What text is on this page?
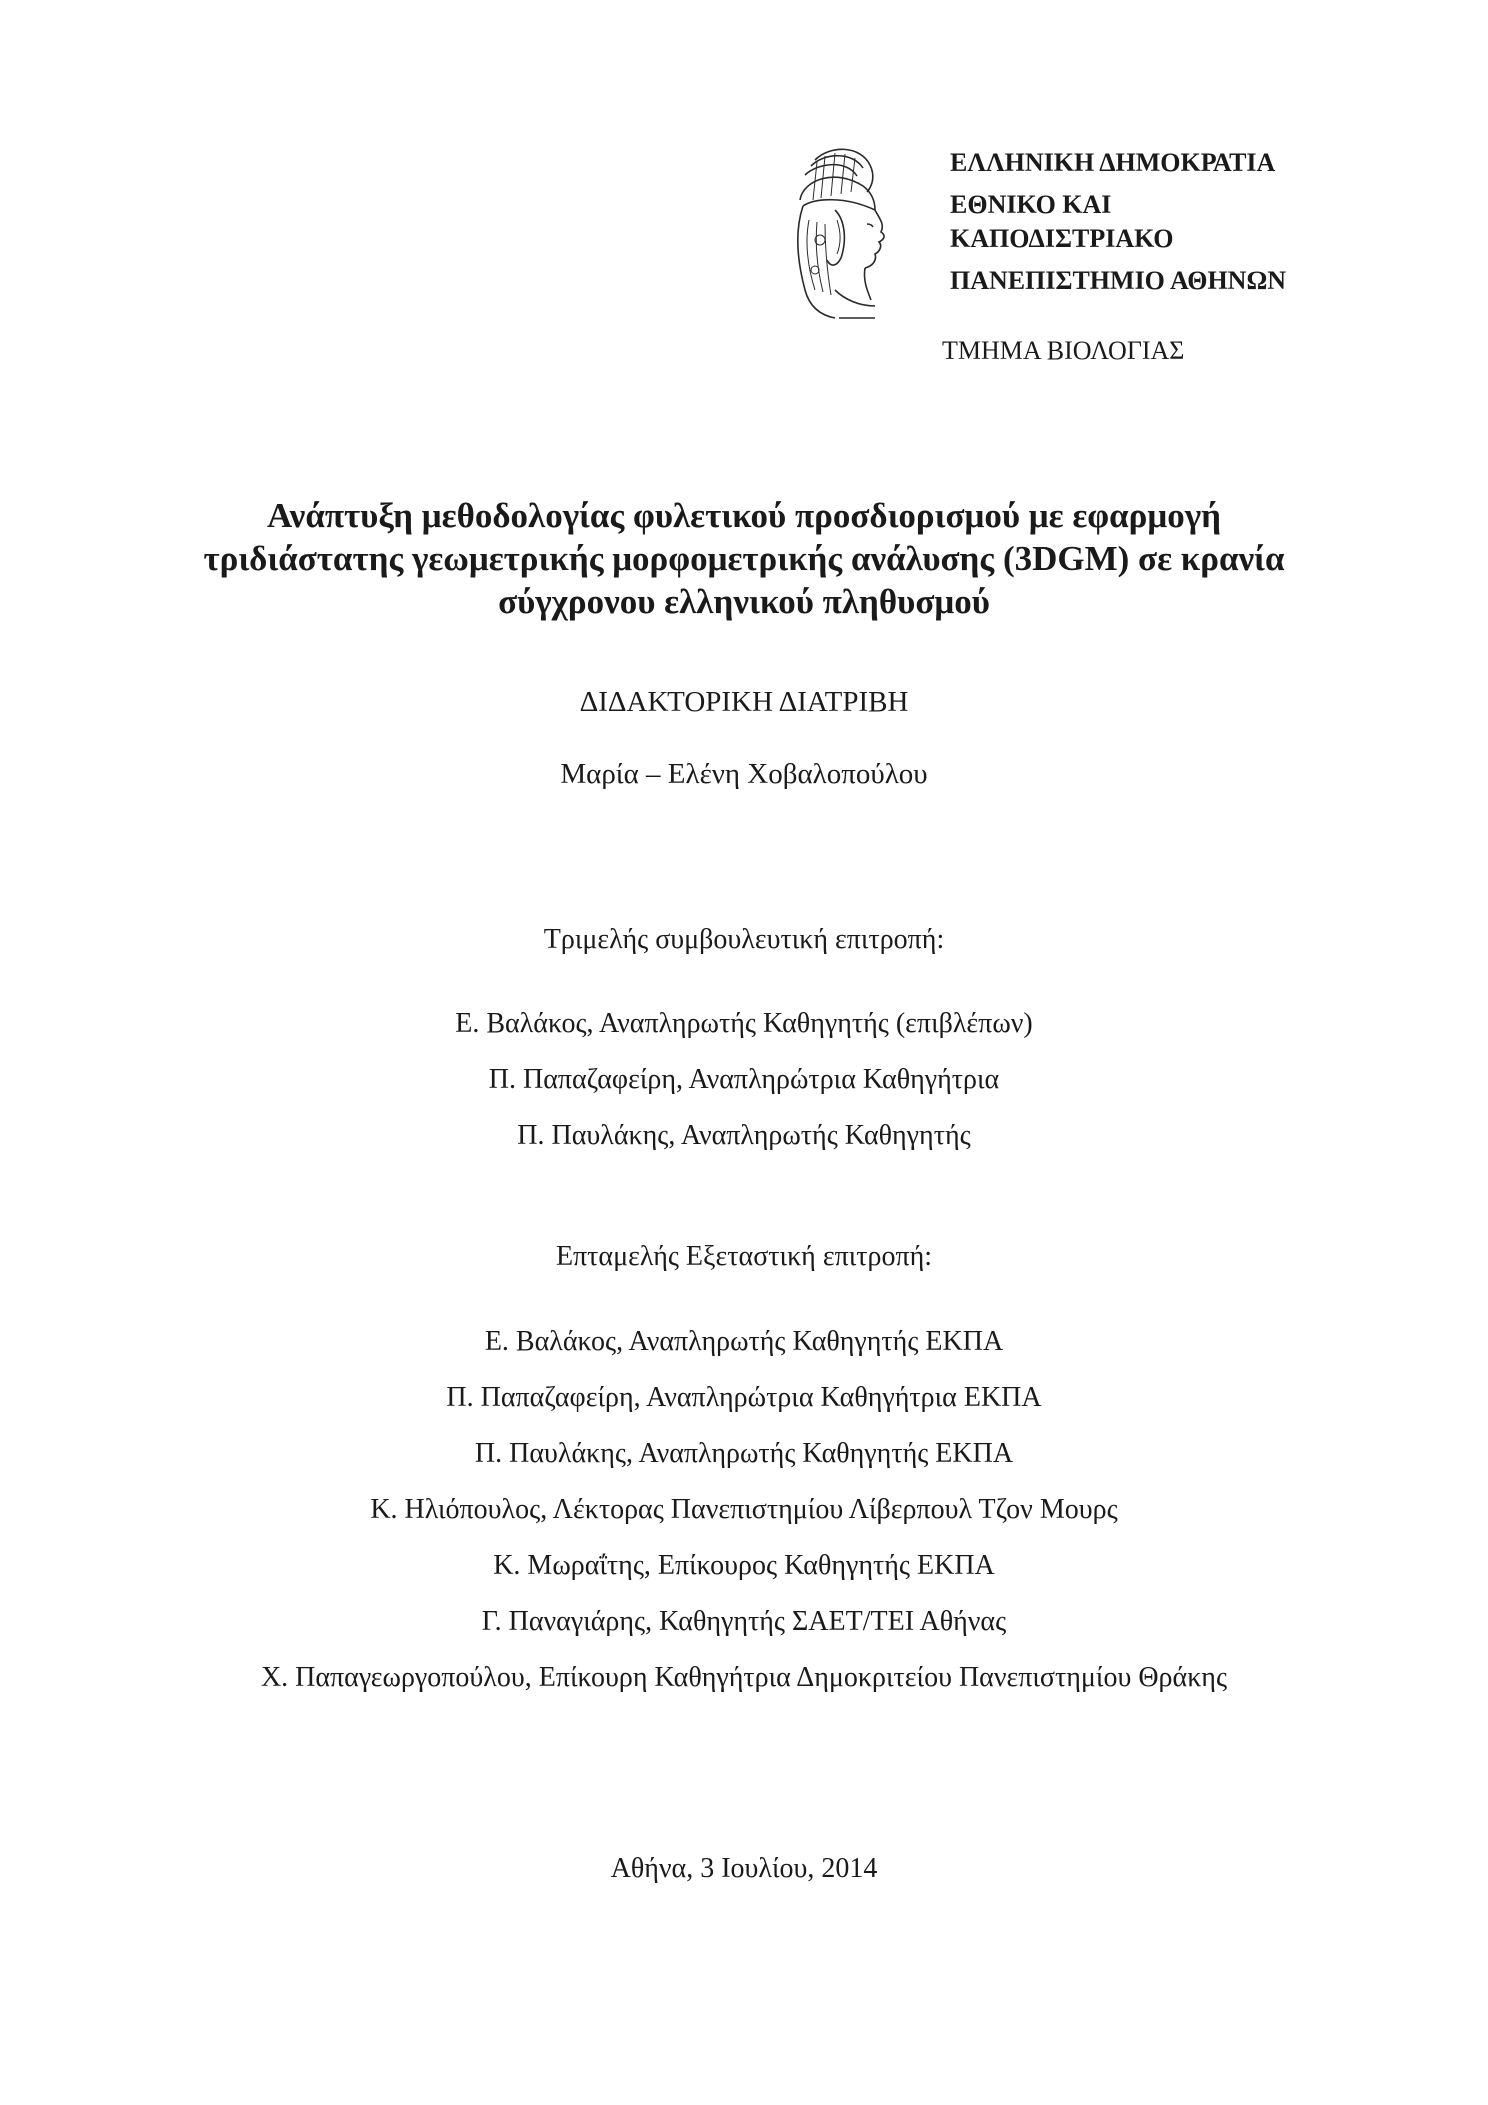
ΕΛΛΗΝΙΚΗ ΔΗΜΟΚΡΑΤΙΑ
ΕΘΝΙΚΟ ΚΑΙ
ΚΑΠΟΔΙΣΤΡΙΑΚΟ
ΠΑΝΕΠΙΣΤΗΜΙΟ ΑΘΗΝΩΝ
ΤΜΗΜΑ ΒΙΟΛΟΓΙΑΣ
Ανάπτυξη μεθοδολογίας φυλετικού προσδιορισμού με εφαρμογή
τριδιάστατης γεωμετρικής μορφομετρικής ανάλυσης (3DGM) σε κρανία
σύγχρονου ελληνικού πληθυσμού
ΔΙΔΑΚΤΟΡΙΚΗ ΔΙΑΤΡΙΒΗ
Μαρία – Ελένη Χοβαλοπούλου
Τριμελής συμβουλευτική επιτροπή:
Ε. Βαλάκος, Αναπληρωτής Καθηγητής (επιβλέπων)
Π. Παπαζαφείρη, Αναπληρώτρια Καθηγήτρια
Π. Παυλάκης, Αναπληρωτής Καθηγητής
Επταμελής Εξεταστική επιτροπή:
Ε. Βαλάκος, Αναπληρωτής Καθηγητής ΕΚΠΑ
Π. Παπαζαφείρη, Αναπληρώτρια Καθηγήτρια ΕΚΠΑ
Π. Παυλάκης, Αναπληρωτής Καθηγητής ΕΚΠΑ
Κ. Ηλιόπουλος, Λέκτορας Πανεπιστημίου Λίβερπουλ Τζον Μουρς
Κ. Μωραΐτης, Επίκουρος Καθηγητής ΕΚΠΑ
Γ. Παναγιάρης, Καθηγητής ΣΑΕΤ/ΤΕΙ Αθήνας
Χ. Παπαγεωργοπούλου, Επίκουρη Καθηγήτρια Δημοκριτείου Πανεπιστημίου Θράκης
Αθήνα, 3 Ιουλίου, 2014
